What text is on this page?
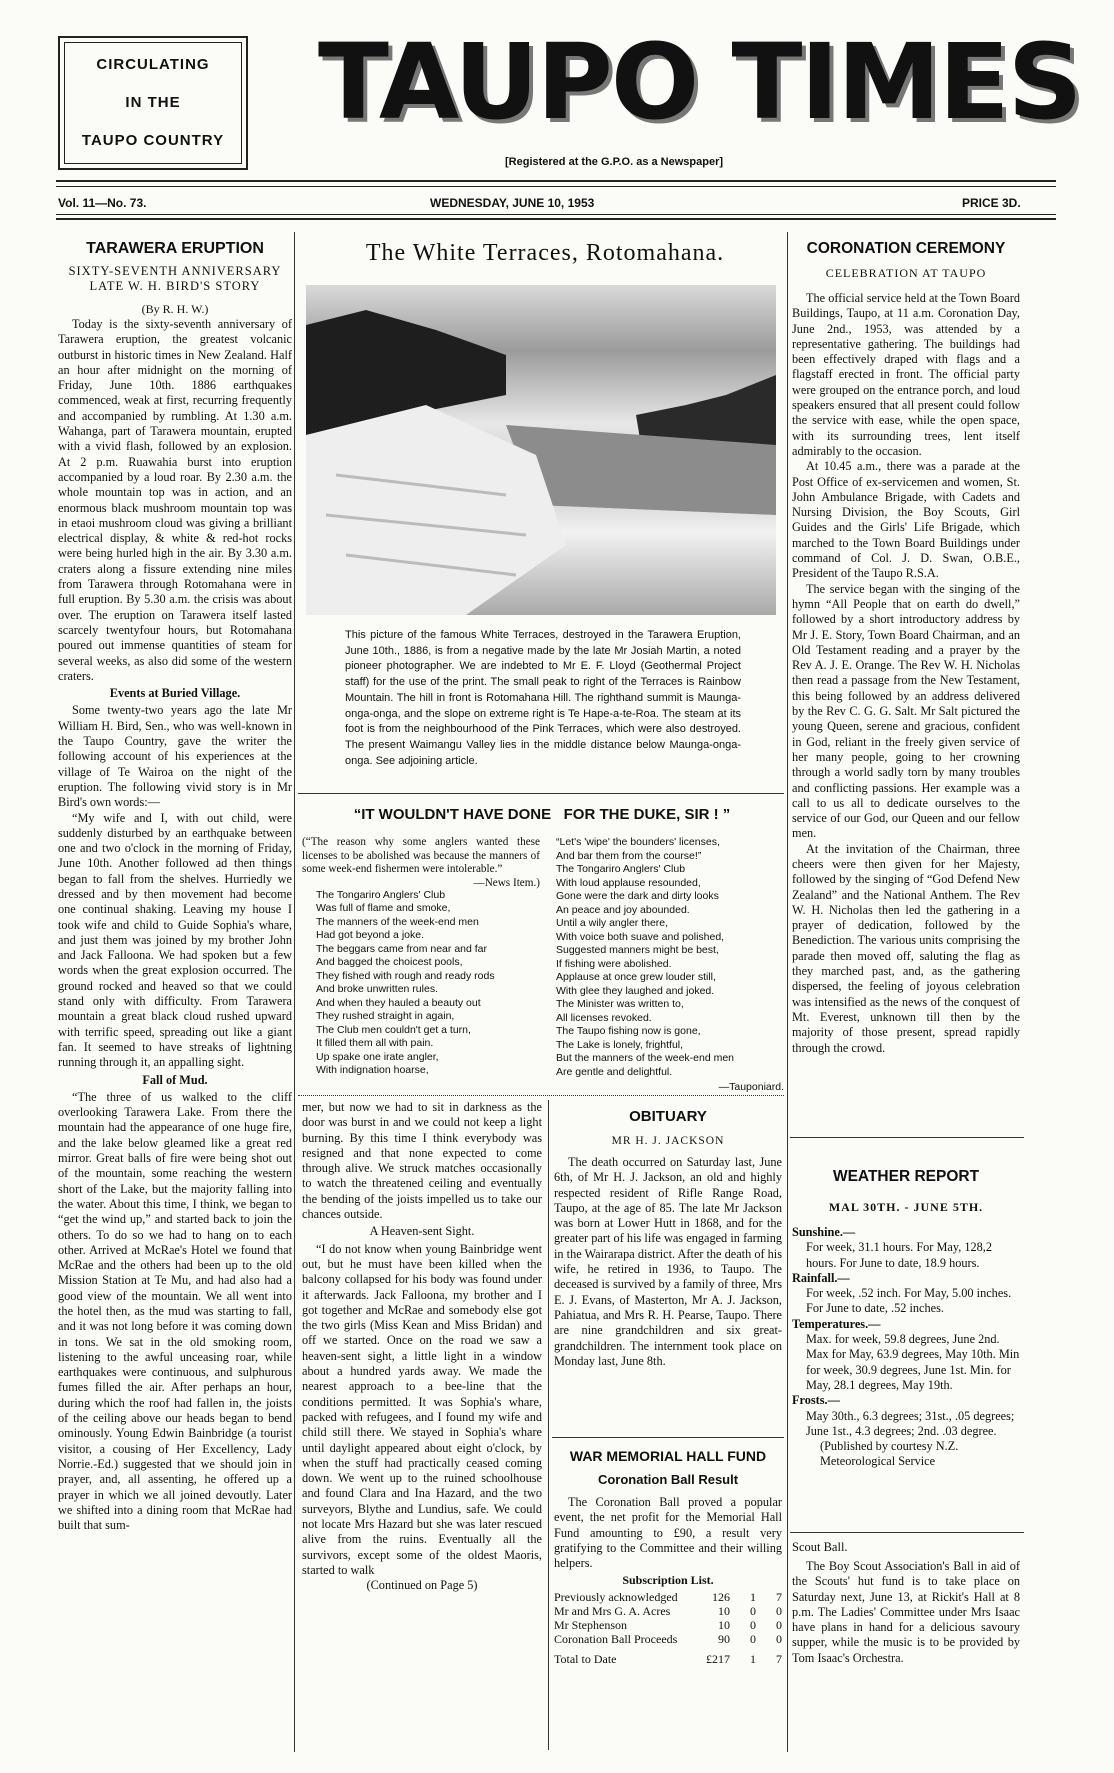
CIRCULATING
IN THE
TAUPO COUNTRY TAUPO TIMES
[Registered at the G.P.O. as a Newspaper]
Vol. 11—No. 73.	WEDNESDAY, JUNE 10, 1953	PRICE 3D.
TARAWERA ERUPTION
SIXTY-SEVENTH ANNIVERSARY
LATE W. H. BIRD'S STORY
(By R. H. W.)

Today is the sixty-seventh anniversary of Tarawera eruption, the greatest volcanic outburst in historic times in New Zealand. Half an hour after midnight on the morning of Friday, June 10th. 1886 earthquakes commenced, weak at first, recurring frequently and accompanied by rumbling. At 1.30 a.m. Wahanga, part of Tarawera mountain, erupted with a vivid flash, followed by an explosion. At 2 p.m. Ruawahia burst into eruption accompanied by a loud roar. By 2.30 a.m. the whole mountain top was in action, and an enormous black mushroom mountain top was in etaoi mushroom cloud was giving a brilliant electrical display, & white & red-hot rocks were being hurled high in the air. By 3.30 a.m. craters along a fissure extending nine miles from Tarawera through Rotomahana were in full eruption. By 5.30 a.m. the crisis was about over. The eruption on Tarawera itself lasted scarcely twentyfour hours, but Rotomahana poured out immense quantities of steam for several weeks, as also did some of the western craters.

Events at Buried Village.

Some twenty-two years ago the late Mr William H. Bird, Sen., who was well-known in the Taupo Country, gave the writer the following account of his experiences at the village of Te Wairoa on the night of the eruption. The following vivid story is in Mr Bird's own words:—

“My wife and I, with out child, were suddenly disturbed by an earthquake between one and two o'clock in the morning of Friday, June 10th. Another followed ad then things began to fall from the shelves. Hurriedly we dressed and by then movement had become one continual shaking. Leaving my house I took wife and child to Guide Sophia's whare, and just them was joined by my brother John and Jack Falloona. We had spoken but a few words when the great explosion occurred. The ground rocked and heaved so that we could stand only with difficulty. From Tarawera mountain a great black cloud rushed upward with terrific speed, spreading out like a giant fan. It seemed to have streaks of lightning running through it, an appalling sight.

Fall of Mud.

“The three of us walked to the cliff overlooking Tarawera Lake. From there the mountain had the appearance of one huge fire, and the lake below gleamed like a great red mirror. Great balls of fire were being shot out of the mountain, some reaching the western short of the Lake, but the majority falling into the water. About this time, I think, we began to “get the wind up,” and started back to join the others. To do so we had to hang on to each other. Arrived at McRae's Hotel we found that McRae and the others had been up to the old Mission Station at Te Mu, and had also had a good view of the mountain. We all went into the hotel then, as the mud was starting to fall, and it was not long before it was coming down in tons. We sat in the old smoking room, listening to the awful unceasing roar, while earthquakes were continuous, and sulphurous fumes filled the air. After perhaps an hour, during which the roof had fallen in, the joists of the ceiling above our heads began to bend ominously. Young Edwin Bainbridge (a tourist visitor, a cousing of Her Excellency, Lady Norrie.-Ed.) suggested that we should join in prayer, and, all assenting, he offered up a prayer in which we all joined devoutly. Later we shifted into a dining room that McRae had built that sum-

The White Terraces, Rotomahana.
This picture of the famous White Terraces, destroyed in the Tarawera Eruption, June 10th., 1886, is from a negative made by the late Mr Josiah Martin, a noted pioneer photographer. We are indebted to Mr E. F. Lloyd (Geothermal Project staff) for the use of the print. The small peak to right of the Terraces is Rainbow Mountain. The hill in front is Rotomahana Hill. The righthand summit is Maunga-onga-onga, and the slope on extreme right is Te Hape-a-te-Roa. The steam at its foot is from the neighbourhood of the Pink Terraces, which were also destroyed. The present Waimangu Valley lies in the middle distance below Maunga-onga-onga. See adjoining article.
“IT WOULDN'T HAVE DONE   FOR THE DUKE, SIR ! ”
(“The reason why some anglers wanted these licenses to be abolished was because the manners of some week-end fishermen were intolerable.”
—News Item.)
The Tongariro Anglers' Club
Was full of flame and smoke,
The manners of the week-end men
Had got beyond a joke.
The beggars came from near and far
And bagged the choicest pools,
They fished with rough and ready rods
And broke unwritten rules.
And when they hauled a beauty out
They rushed straight in again,
The Club men couldn't get a turn,
It filled them all with pain.
Up spake one irate angler,
With indignation hoarse,
“Let's 'wipe' the bounders' licenses,
And bar them from the course!”
The Tongariro Anglers' Club
With loud applause resounded,
Gone were the dark and dirty looks
An peace and joy abounded.
Until a wily angler there,
With voice both suave and polished,
Suggested manners might be best,
If fishing were abolished.
Applause at once grew louder still,
With glee they laughed and joked.
The Minister was written to,
All licenses revoked.
The Taupo fishing now is gone,
The Lake is lonely, frightful,
But the manners of the week-end men
Are gentle and delightful.
—Tauponiard.

mer, but now we had to sit in darkness as the door was burst in and we could not keep a light burning. By this time I think everybody was resigned and that none expected to come through alive. We struck matches occasionally to watch the threatened ceiling and eventually the bending of the joists impelled us to take our chances outside.

A Heaven-sent Sight.

“I do not know when young Bainbridge went out, but he must have been killed when the balcony collapsed for his body was found under it afterwards. Jack Falloona, my brother and I got together and McRae and somebody else got the two girls (Miss Kean and Miss Bridan) and off we started. Once on the road we saw a heaven-sent sight, a little light in a window about a hundred yards away. We made the nearest approach to a bee-line that the conditions permitted. It was Sophia's whare, packed with refugees, and I found my wife and child still there. We stayed in Sophia's whare until daylight appeared about eight o'clock, by when the stuff had practically ceased coming down. We went up to the ruined schoolhouse and found Clara and Ina Hazard, and the two surveyors, Blythe and Lundius, safe. We could not locate Mrs Hazard but she was later rescued alive from the ruins. Eventually all the survivors, except some of the oldest Maoris, started to walk

(Continued on Page 5)
OBITUARY
MR H. J. JACKSON

The death occurred on Saturday last, June 6th, of Mr H. J. Jackson, an old and highly respected resident of Rifle Range Road, Taupo, at the age of 85. The late Mr Jackson was born at Lower Hutt in 1868, and for the greater part of his life was engaged in farming in the Wairarapa district. After the death of his wife, he retired in 1936, to Taupo. The deceased is survived by a family of three, Mrs E. J. Evans, of Masterton, Mr A. J. Jackson, Pahiatua, and Mrs R. H. Pearse, Taupo. There are nine grandchildren and six great-grandchildren. The internment took place on Monday last, June 8th.

WAR MEMORIAL HALL FUND
Coronation Ball Result

The Coronation Ball proved a popular event, the net profit for the Memorial Hall Fund amounting to £90, a result very gratifying to the Committee and their willing helpers.

Subscription List.
Previously acknowledged	126	1	7
Mr and Mrs G. A. Acres	10	0	0
Mr Stephenson	10	0	0
Coronation Ball Proceeds	90	0	0
Total to Date	£217	1	7
CORONATION CEREMONY
CELEBRATION AT TAUPO

The official service held at the Town Board Buildings, Taupo, at 11 a.m. Coronation Day, June 2nd., 1953, was attended by a representative gathering. The buildings had been effectively draped with flags and a flagstaff erected in front. The official party were grouped on the entrance porch, and loud speakers ensured that all present could follow the service with ease, while the open space, with its surrounding trees, lent itself admirably to the occasion.

At 10.45 a.m., there was a parade at the Post Office of ex-servicemen and women, St. John Ambulance Brigade, with Cadets and Nursing Division, the Boy Scouts, Girl Guides and the Girls' Life Brigade, which marched to the Town Board Buildings under command of Col. J. D. Swan, O.B.E., President of the Taupo R.S.A.

The service began with the singing of the hymn “All People that on earth do dwell,” followed by a short introductory address by Mr J. E. Story, Town Board Chairman, and an Old Testament reading and a prayer by the Rev A. J. E. Orange. The Rev W. H. Nicholas then read a passage from the New Testament, this being followed by an address delivered by the Rev C. G. G. Salt. Mr Salt pictured the young Queen, serene and gracious, confident in God, reliant in the freely given service of her many people, going to her crowning through a world sadly torn by many troubles and conflicting passions. Her example was a call to us all to dedicate ourselves to the service of our God, our Queen and our fellow men.

At the invitation of the Chairman, three cheers were then given for her Majesty, followed by the singing of “God Defend New Zealand” and the National Anthem. The Rev W. H. Nicholas then led the gathering in a prayer of dedication, followed by the Benediction. The various units comprising the parade then moved off, saluting the flag as they marched past, and, as the gathering dispersed, the feeling of joyous celebration was intensified as the news of the conquest of Mt. Everest, unknown till then by the majority of those present, spread rapidly through the crowd.

WEATHER REPORT
MAL 30TH. - JUNE 5TH.
Sunshine.—
For week, 31.1 hours. For May, 128,2 hours. For June to date, 18.9 hours.
Rainfall.—
For week, .52 inch. For May, 5.00 inches. For June to date, .52 inches.
Temperatures.—
Max. for week, 59.8 degrees, June 2nd. Max for May, 63.9 degrees, May 10th. Min for week, 30.9 degrees, June 1st. Min. for May, 28.1 degrees, May 19th.
Frosts.—
May 30th., 6.3 degrees; 31st., .05 degrees; June 1st., 4.3 degrees; 2nd. .03 degree.
(Published by courtesy N.Z. Meteorological Service
Scout Ball.

The Boy Scout Association's Ball in aid of the Scouts' hut fund is to take place on Saturday next, June 13, at Rickit's Hall at 8 p.m. The Ladies' Committee under Mrs Isaac have plans in hand for a delicious savoury supper, while the music is to be provided by Tom Isaac's Orchestra.
